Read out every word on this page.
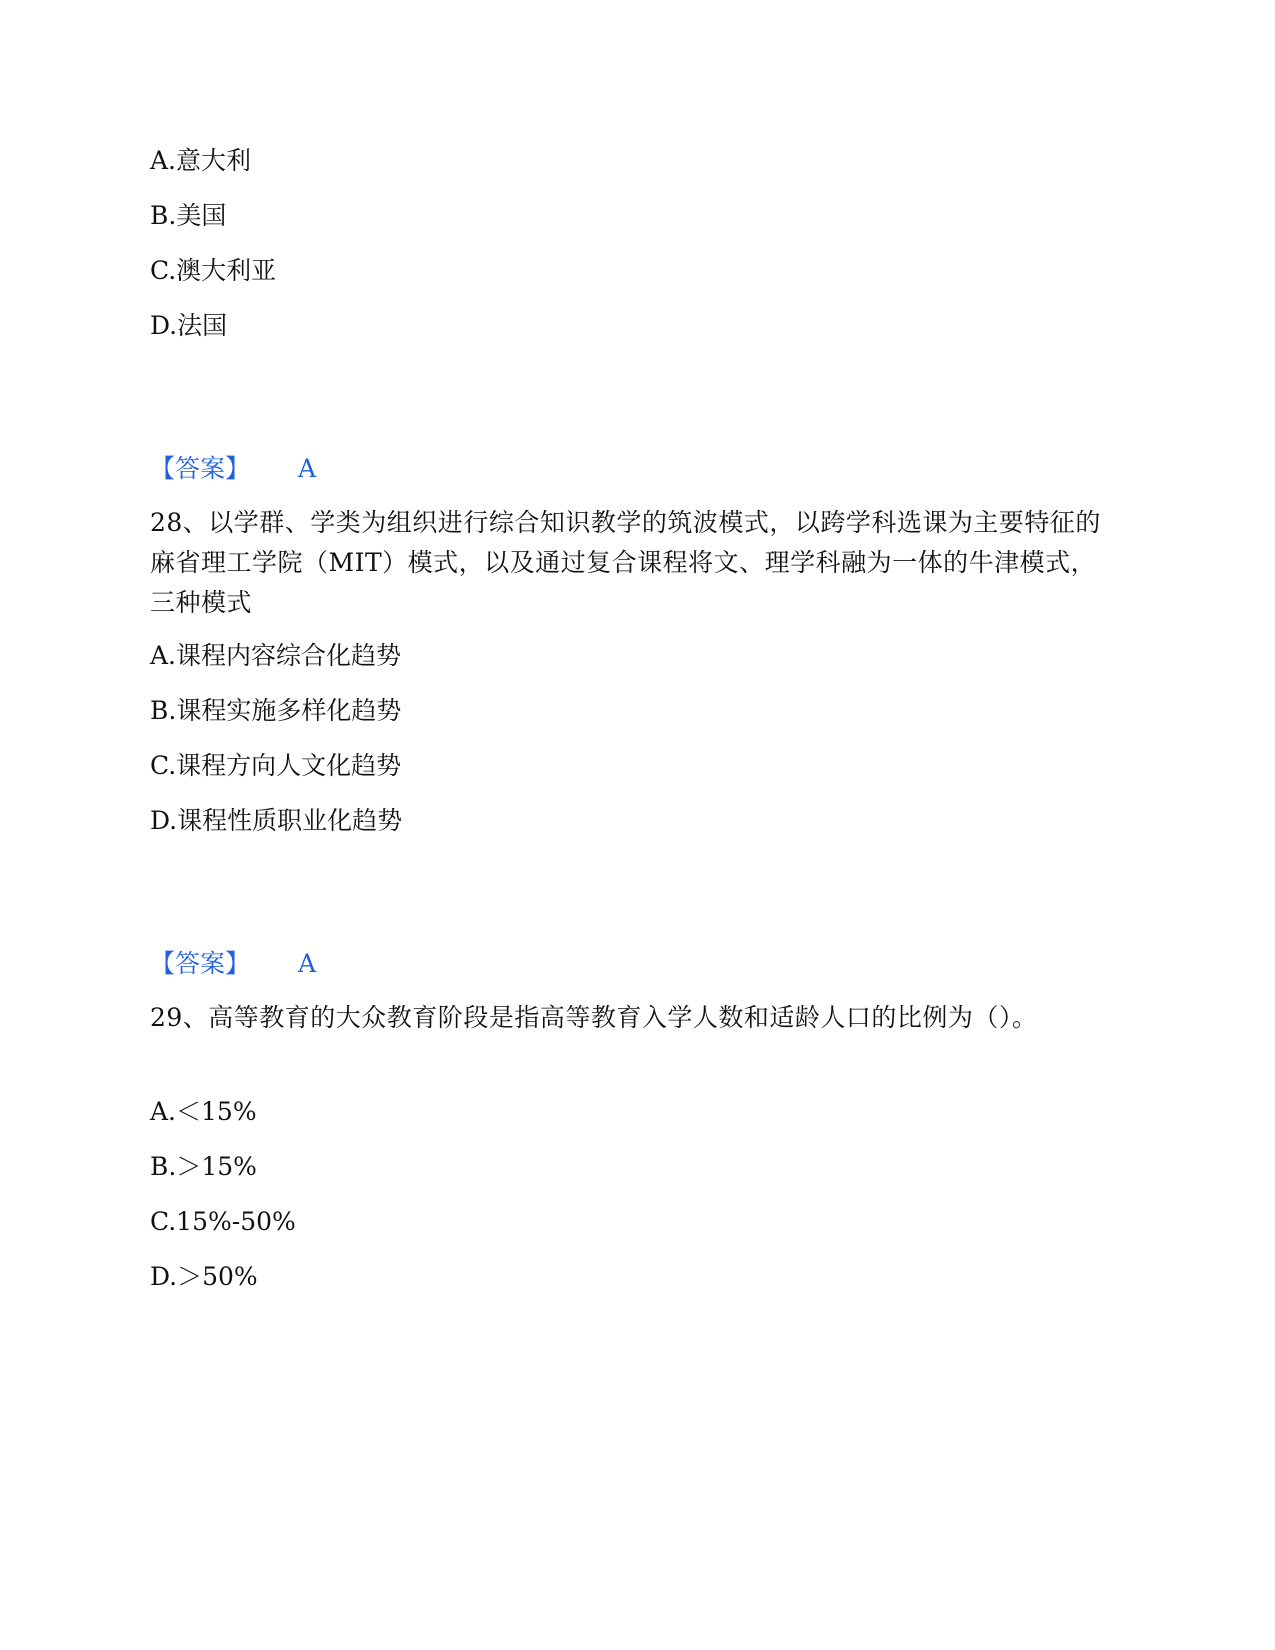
A.意大利
B.美国
C.澳大利亚
D.法国
【答案】 A
28、以学群、学类为组织进行综合知识教学的筑波模式，以跨学科选课为主要特征的麻省理工学院（MIT）模式，以及通过复合课程将文、理学科融为一体的牛津模式，三种模式
A.课程内容综合化趋势
B.课程实施多样化趋势
C.课程方向人文化趋势
D.课程性质职业化趋势
【答案】 A
29、高等教育的大众教育阶段是指高等教育入学人数和适龄人口的比例为（）。
A.＜15%
B.＞15%
C.15%-50%
D.＞50%
